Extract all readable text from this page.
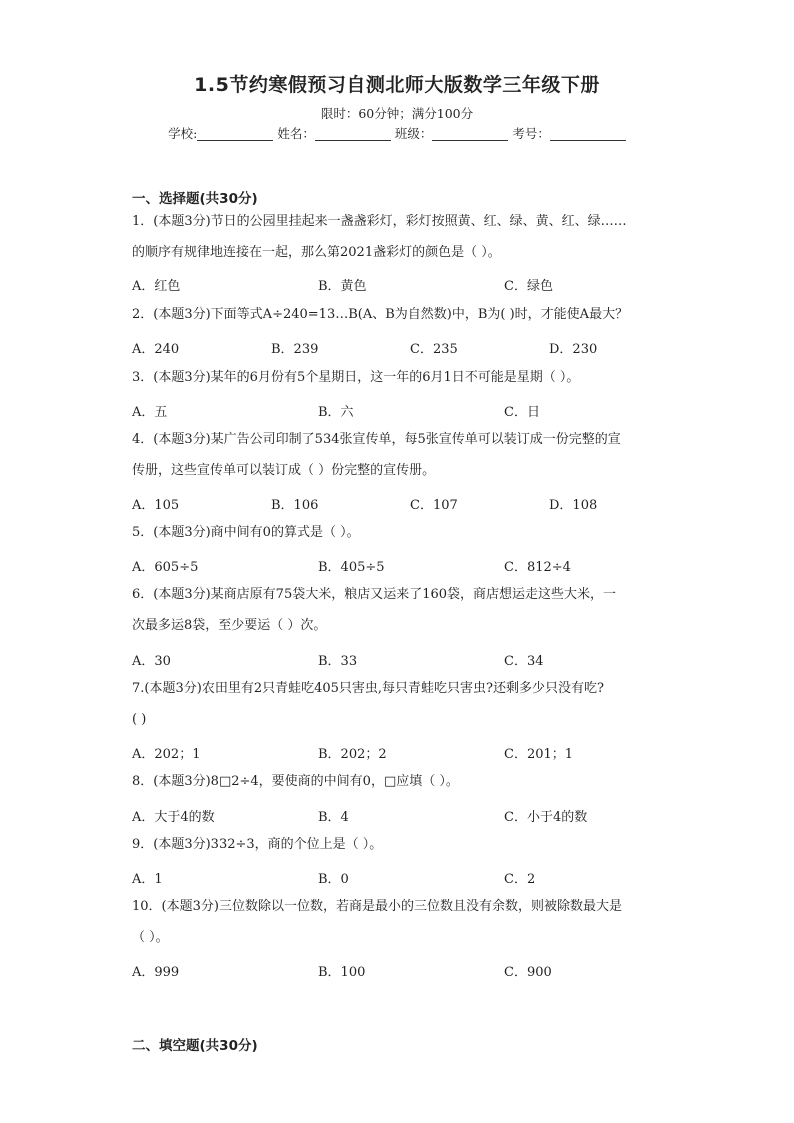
1.5节约寒假预习自测北师大版数学三年级下册
限时：60分钟；满分100分
学校:	姓名：	班级：	考号：
一、选择题(共30分)
1．(本题3分)节日的公园里挂起来一盏盏彩灯，彩灯按照黄、红、绿、黄、红、绿……
的顺序有规律地连接在一起，那么第2021盏彩灯的颜色是（ ）。
A．红色	B．黄色	C．绿色
2．(本题3分)下面等式A÷240=13…B(A、B为自然数)中，B为( )时，才能使A最大？
A．240	B．239	C．235	D．230
3．(本题3分)某年的6月份有5个星期日，这一年的6月1日不可能是星期（ ）。
A．五	B．六	C．日
4．(本题3分)某广告公司印制了534张宣传单，每5张宣传单可以装订成一份完整的宣
传册，这些宣传单可以装订成（ ）份完整的宣传册。
A．105	B．106	C．107	D．108
5．(本题3分)商中间有0的算式是（ ）。
A．605÷5	B．405÷5	C．812÷4
6．(本题3分)某商店原有75袋大米，粮店又运来了160袋，商店想运走这些大米，一
次最多运8袋，至少要运（ ）次。
A．30	B．33	C．34
7.(本题3分)农田里有2只青蛙吃405只害虫,每只青蛙吃只害虫?还剩多少只没有吃?
( )
A．202；1	B．202；2	C．201；1
8．(本题3分)8□2÷4，要使商的中间有0，□应填（ ）。
A．大于4的数	B．4	C．小于4的数
9．(本题3分)332÷3，商的个位上是（ ）。
A．1	B．0	C．2
10．(本题3分)三位数除以一位数，若商是最小的三位数且没有余数，则被除数最大是
（ ）。
A．999	B．100	C．900
二、填空题(共30分)
